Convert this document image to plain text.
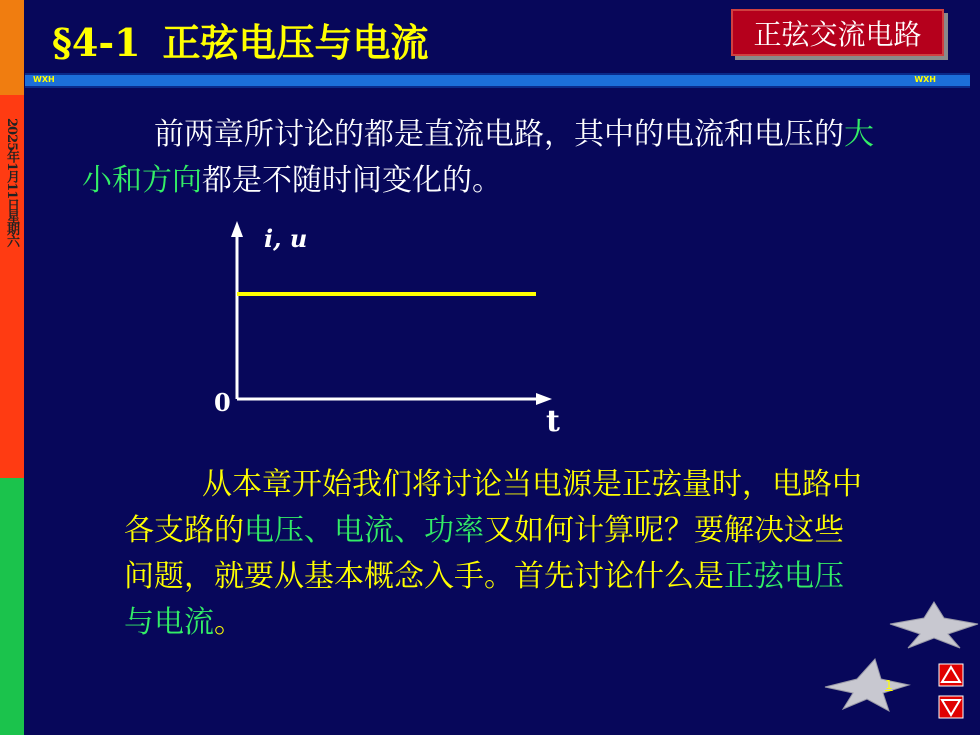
2025年1月11日星期六
§4-1 正弦电压与电流	正弦交流电路
WXH	WXH
前两章所讨论的都是直流电路，其中的电流和电压的大小和方向都是不随时间变化的。
i, u
t
0
从本章开始我们将讨论当电源是正弦量时，电路中各支路的电压、电流、功率又如何计算呢？要解决这些问题，就要从基本概念入手。首先讨论什么是正弦电压与电流。
1
